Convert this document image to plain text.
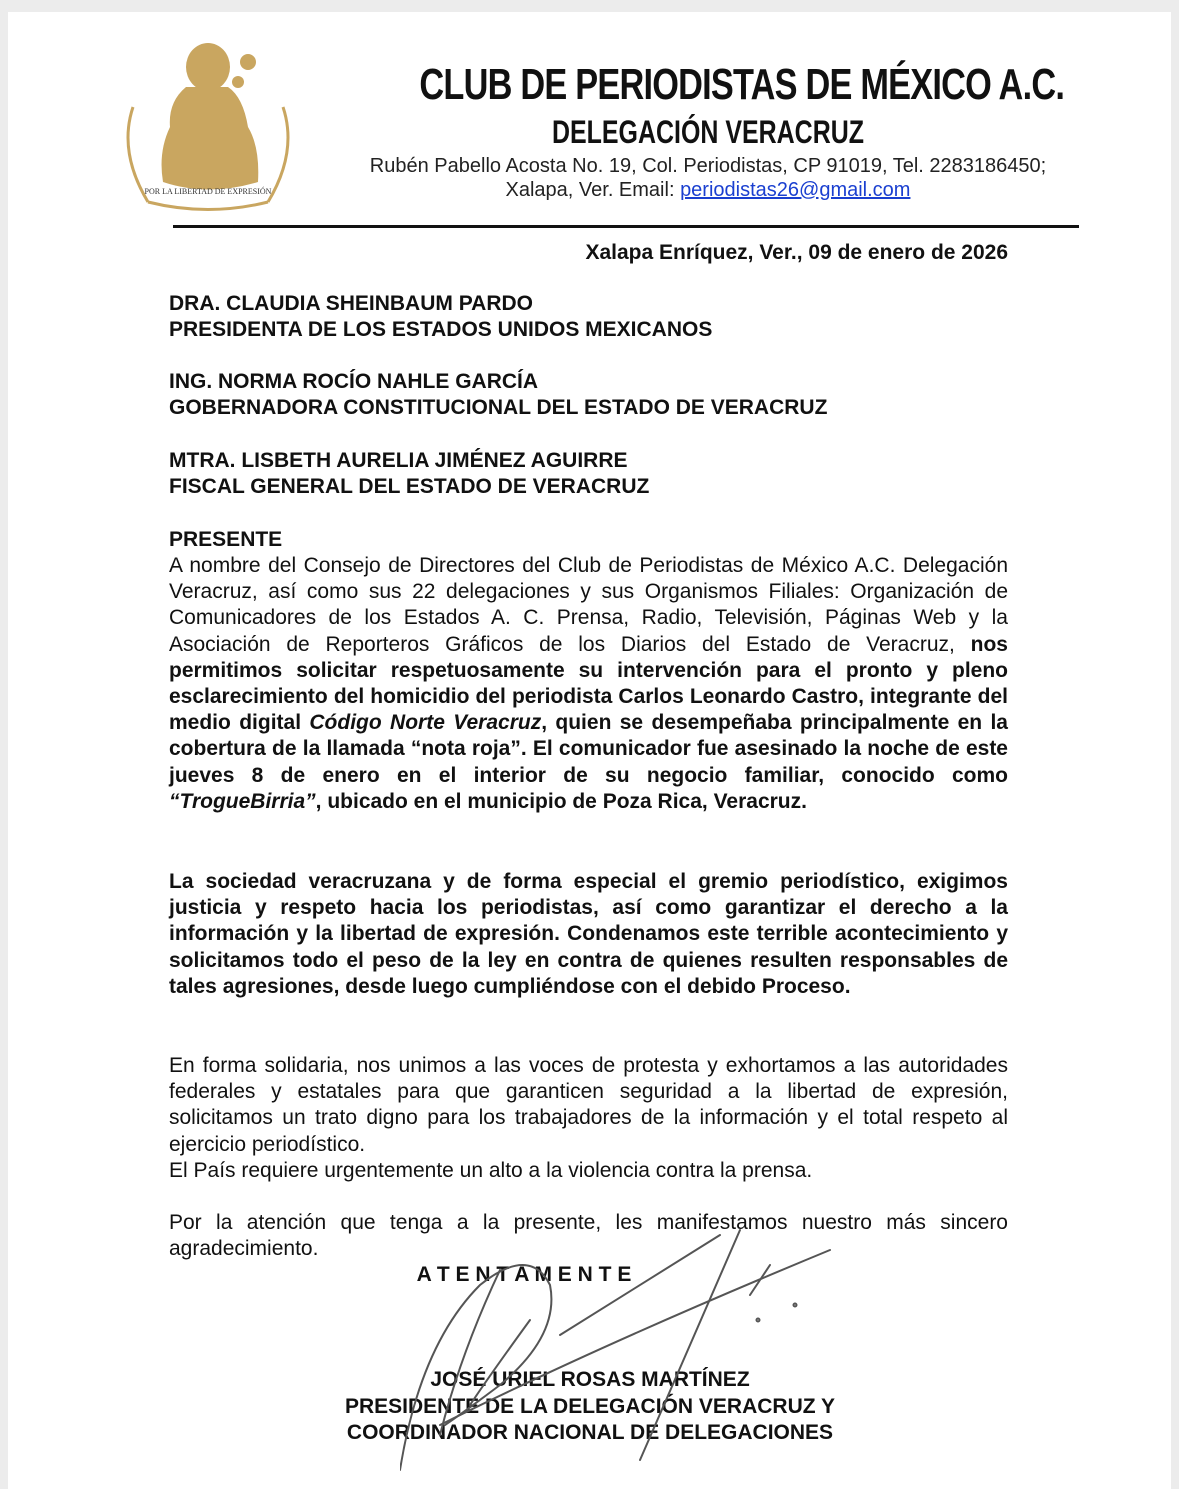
POR LA LIBERTAD DE EXPRESIÓN
CLUB DE PERIODISTAS DE MÉXICO A.C.
DELEGACIÓN VERACRUZ
Rubén Pabello Acosta No. 19, Col. Periodistas, CP 91019, Tel. 2283186450;
Xalapa, Ver. Email: periodistas26@gmail.com
Xalapa Enríquez, Ver., 09 de enero de 2026
DRA. CLAUDIA SHEINBAUM PARDO
PRESIDENTA DE LOS ESTADOS UNIDOS MEXICANOS
ING. NORMA ROCÍO NAHLE GARCÍA
GOBERNADORA CONSTITUCIONAL DEL ESTADO DE VERACRUZ
MTRA. LISBETH AURELIA JIMÉNEZ AGUIRRE
FISCAL GENERAL DEL ESTADO DE VERACRUZ
PRESENTE
A nombre del Consejo de Directores del Club de Periodistas de México A.C. Delegación Veracruz, así como sus 22 delegaciones y sus Organismos Filiales: Organización de Comunicadores de los Estados A. C. Prensa, Radio, Televisión, Páginas Web y la Asociación de Reporteros Gráficos de los Diarios del Estado de Veracruz, nos permitimos solicitar respetuosamente su intervención para el pronto y pleno esclarecimiento del homicidio del periodista Carlos Leonardo Castro, integrante del medio digital Código Norte Veracruz, quien se desempeñaba principalmente en la cobertura de la llamada “nota roja”. El comunicador fue asesinado la noche de este jueves 8 de enero en el interior de su negocio familiar, conocido como “TrogueBirria”, ubicado en el municipio de Poza Rica, Veracruz.
La sociedad veracruzana y de forma especial el gremio periodístico, exigimos justicia y respeto hacia los periodistas, así como garantizar el derecho a la información y la libertad de expresión. Condenamos este terrible acontecimiento y solicitamos todo el peso de la ley en contra de quienes resulten responsables de tales agresiones, desde luego cumpliéndose con el debido Proceso.
En forma solidaria, nos unimos a las voces de protesta y exhortamos a las autoridades federales y estatales para que garanticen seguridad a la libertad de expresión, solicitamos un trato digno para los trabajadores de la información y el total respeto al ejercicio periodístico.
El País requiere urgentemente un alto a la violencia contra la prensa.
Por la atención que tenga a la presente, les manifestamos nuestro más sincero agradecimiento.
A T E N T A M E N T E
JOSÉ URIEL ROSAS MARTÍNEZ
PRESIDENTE DE LA DELEGACIÓN VERACRUZ Y
COORDINADOR NACIONAL DE DELEGACIONES
